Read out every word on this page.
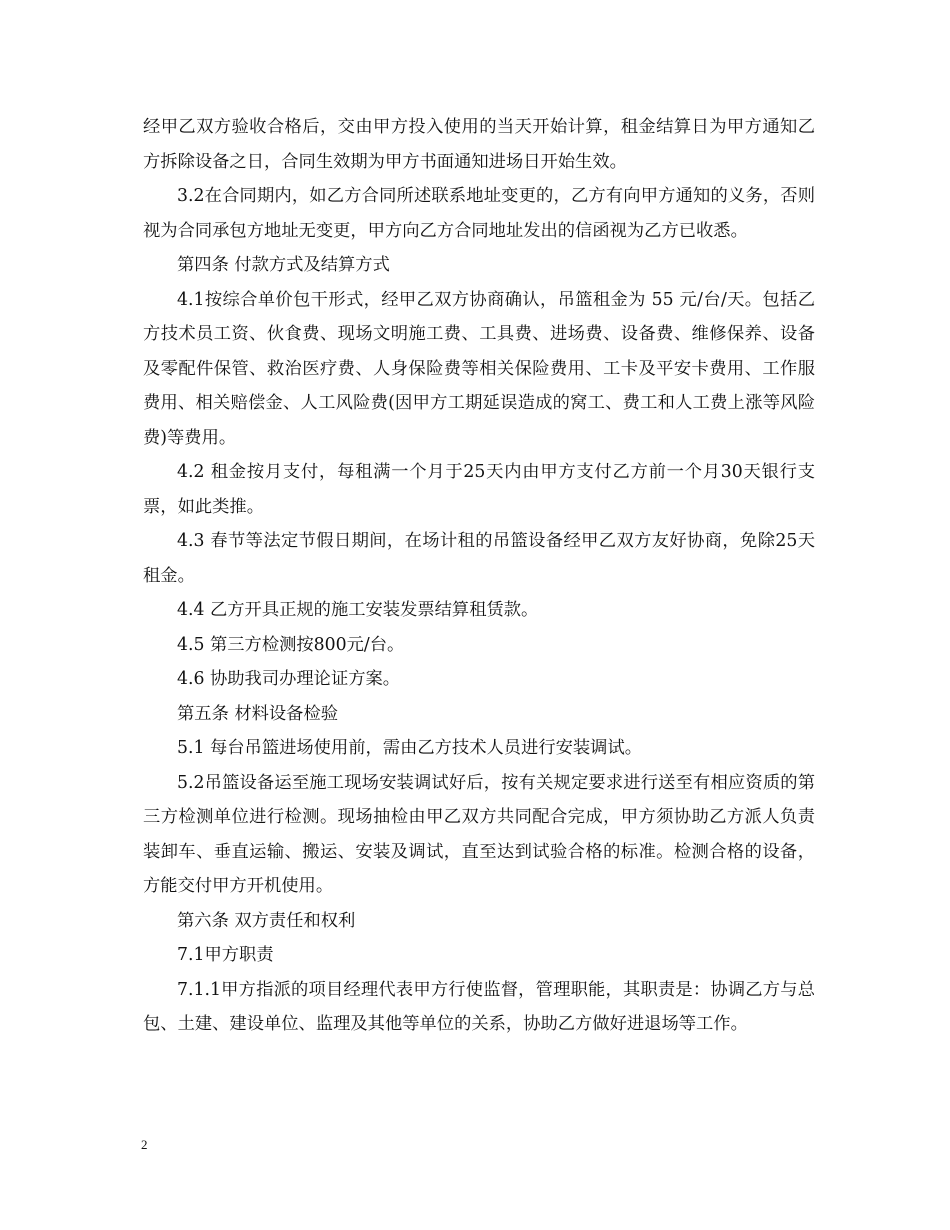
经甲乙双方验收合格后，交由甲方投入使用的当天开始计算，租金结算日为甲方通知乙方拆除设备之日，合同生效期为甲方书面通知进场日开始生效。

3.2在合同期内，如乙方合同所述联系地址变更的，乙方有向甲方通知的义务，否则视为合同承包方地址无变更，甲方向乙方合同地址发出的信函视为乙方已收悉。

第四条 付款方式及结算方式

4.1按综合单价包干形式，经甲乙双方协商确认，吊篮租金为 55 元/台/天。包括乙方技术员工资、伙食费、现场文明施工费、工具费、进场费、设备费、维修保养、设备及零配件保管、救治医疗费、人身保险费等相关保险费用、工卡及平安卡费用、工作服费用、相关赔偿金、人工风险费(因甲方工期延误造成的窝工、费工和人工费上涨等风险费)等费用。

4.2 租金按月支付，每租满一个月于25天内由甲方支付乙方前一个月30天银行支票，如此类推。

4.3 春节等法定节假日期间，在场计租的吊篮设备经甲乙双方友好协商，免除25天租金。

4.4 乙方开具正规的施工安装发票结算租赁款。

4.5 第三方检测按800元/台。

4.6 协助我司办理论证方案。

第五条 材料设备检验

5.1 每台吊篮进场使用前，需由乙方技术人员进行安装调试。

5.2吊篮设备运至施工现场安装调试好后，按有关规定要求进行送至有相应资质的第三方检测单位进行检测。现场抽检由甲乙双方共同配合完成，甲方须协助乙方派人负责装卸车、垂直运输、搬运、安装及调试，直至达到试验合格的标准。检测合格的设备，方能交付甲方开机使用。

第六条 双方责任和权利

7.1甲方职责

7.1.1甲方指派的项目经理代表甲方行使监督，管理职能，其职责是：协调乙方与总包、土建、建设单位、监理及其他等单位的关系，协助乙方做好进退场等工作。

2
